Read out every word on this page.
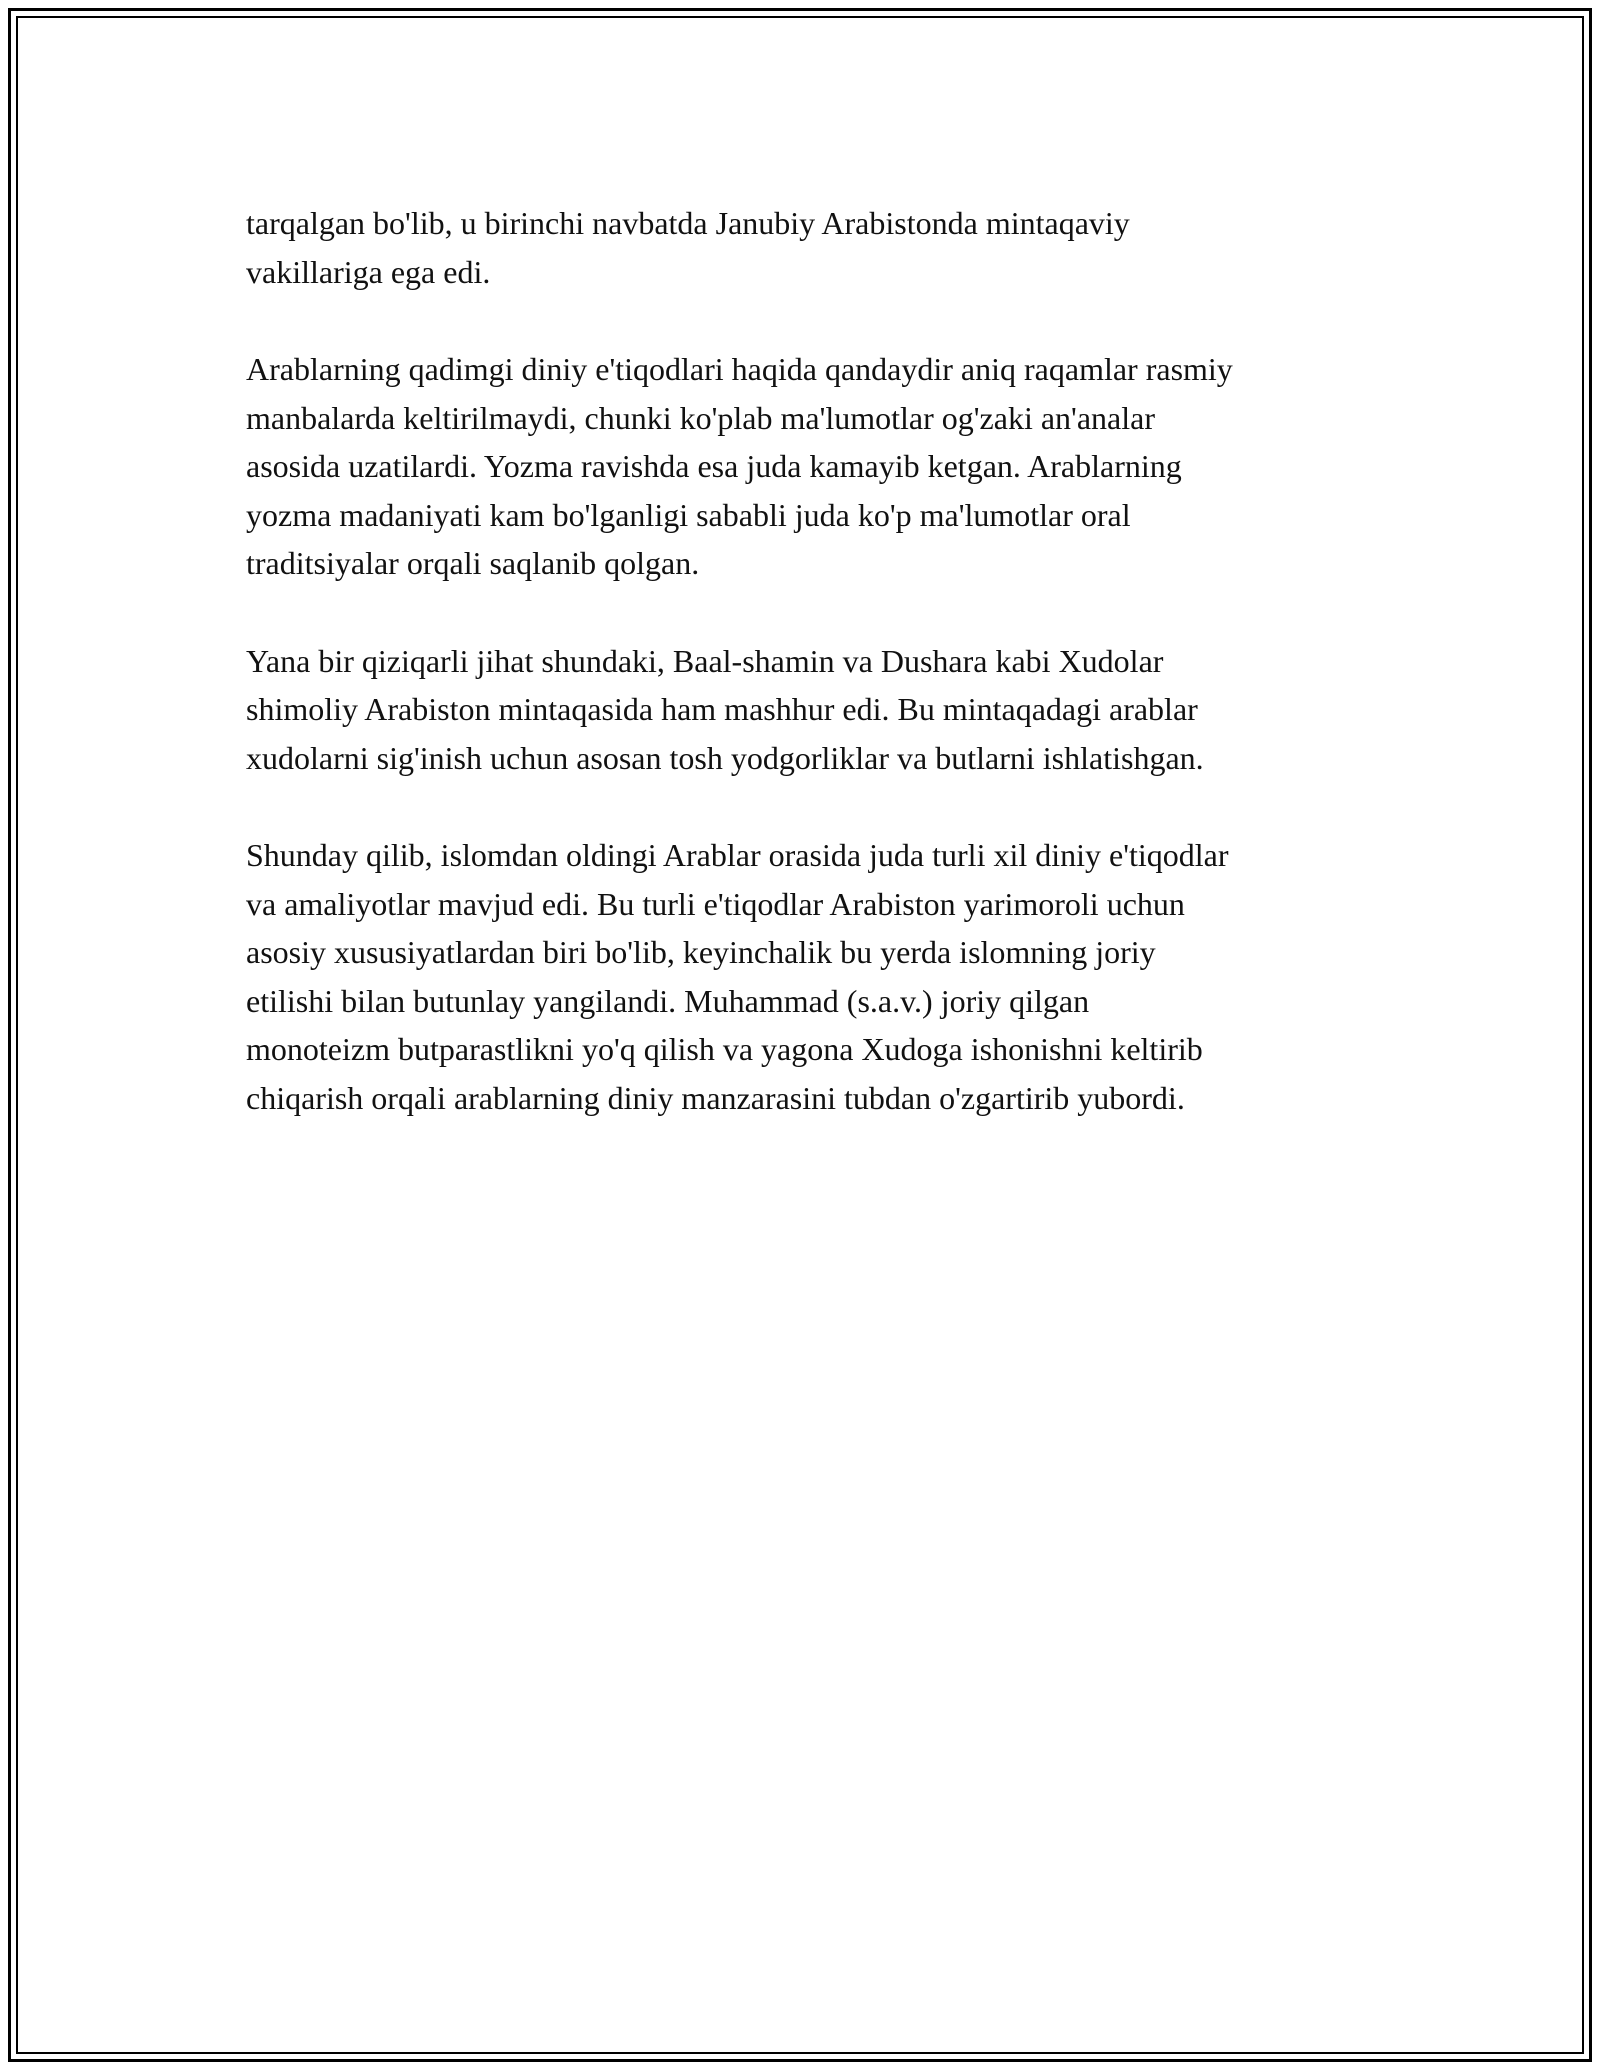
tarqalgan bo'lib, u birinchi navbatda Janubiy Arabistonda mintaqaviy
vakillariga ega edi.

Arablarning qadimgi diniy e'tiqodlari haqida qandaydir aniq raqamlar rasmiy
manbalarda keltirilmaydi, chunki ko'plab ma'lumotlar og'zaki an'analar
asosida uzatilardi. Yozma ravishda esa juda kamayib ketgan. Arablarning
yozma madaniyati kam bo'lganligi sababli juda ko'p ma'lumotlar oral
traditsiyalar orqali saqlanib qolgan.

Yana bir qiziqarli jihat shundaki, Baal-shamin va Dushara kabi Xudolar
shimoliy Arabiston mintaqasida ham mashhur edi. Bu mintaqadagi arablar
xudolarni sig'inish uchun asosan tosh yodgorliklar va butlarni ishlatishgan.

Shunday qilib, islomdan oldingi Arablar orasida juda turli xil diniy e'tiqodlar
va amaliyotlar mavjud edi. Bu turli e'tiqodlar Arabiston yarimoroli uchun
asosiy xususiyatlardan biri bo'lib, keyinchalik bu yerda islomning joriy
etilishi bilan butunlay yangilandi. Muhammad (s.a.v.) joriy qilgan
monoteizm butparastlikni yo'q qilish va yagona Xudoga ishonishni keltirib
chiqarish orqali arablarning diniy manzarasini tubdan o'zgartirib yubordi.
